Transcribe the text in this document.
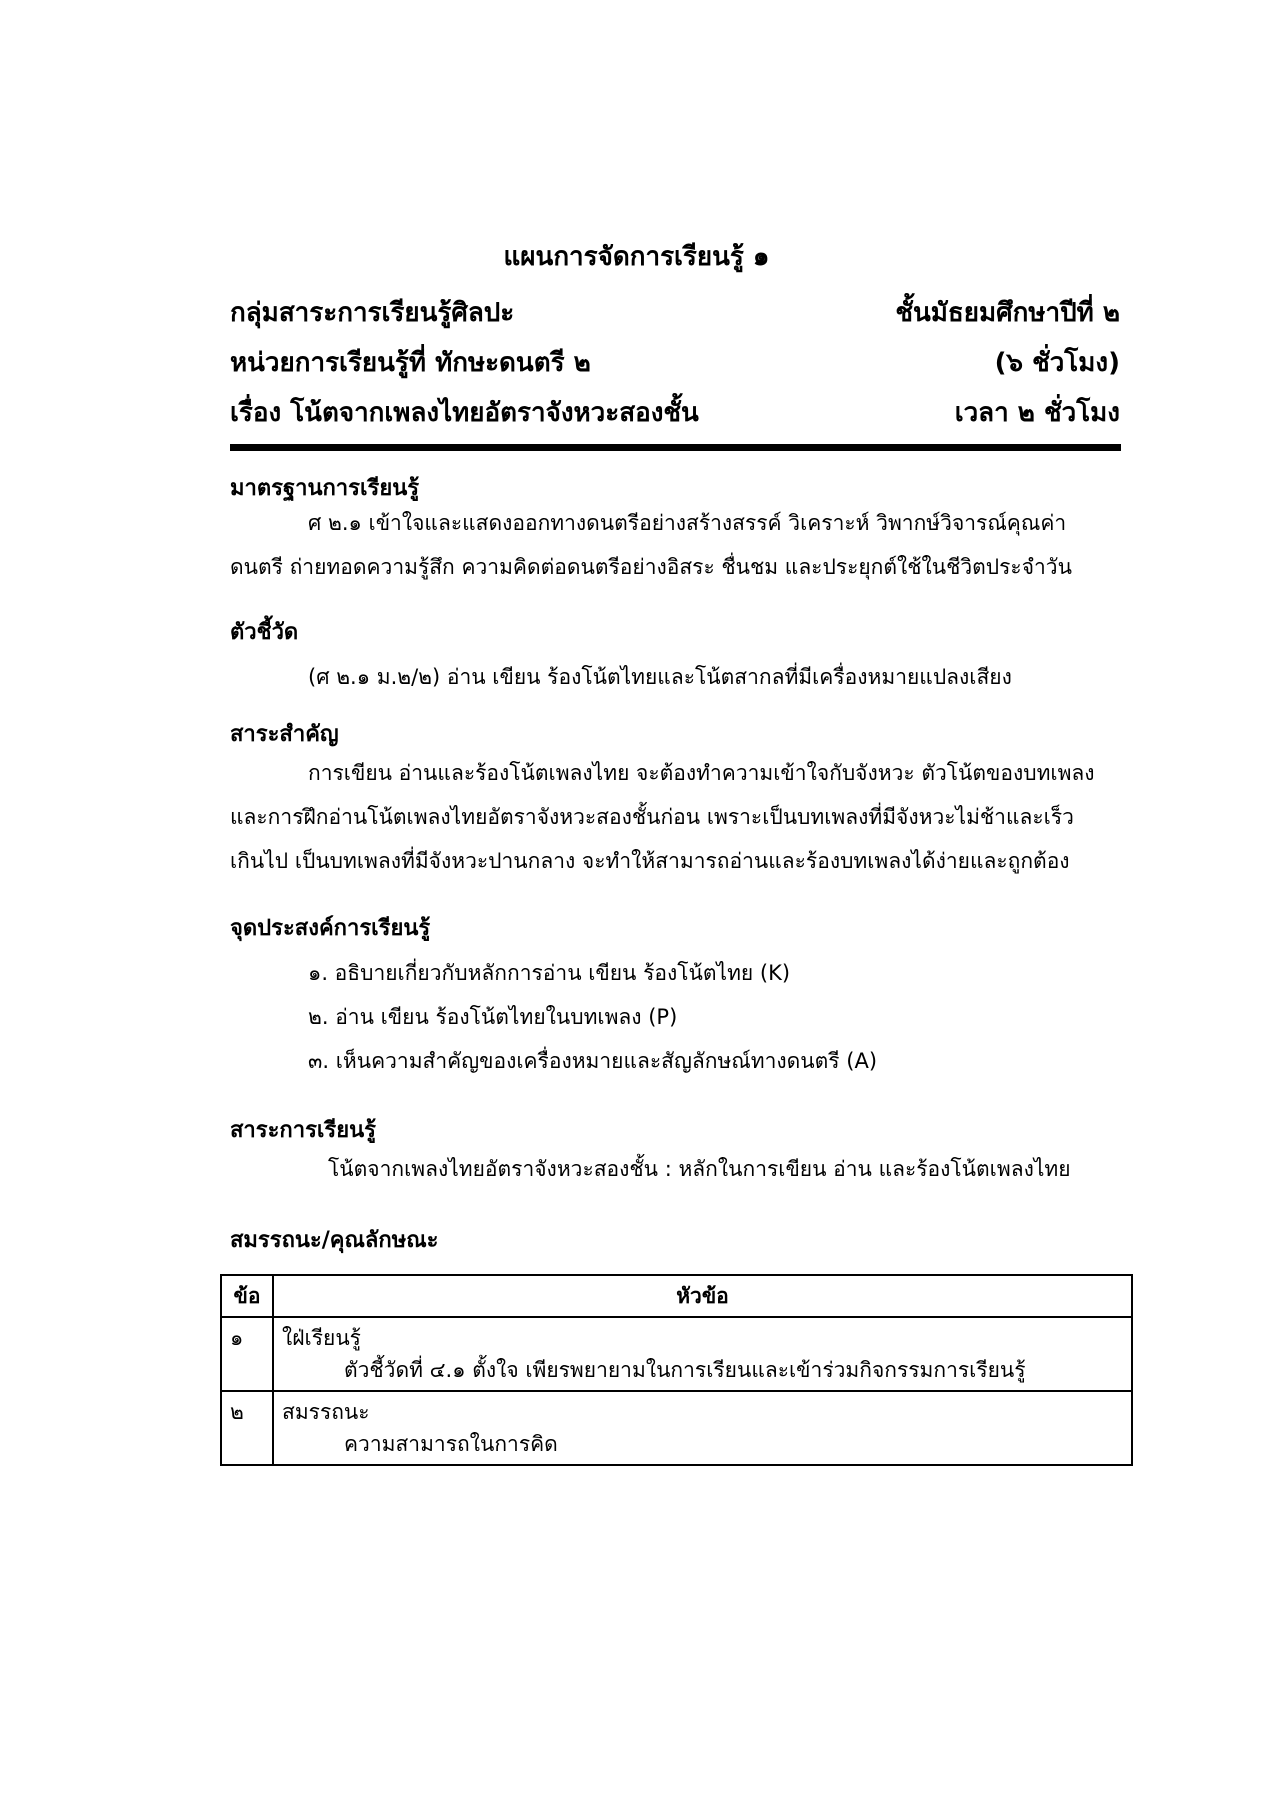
แผนการจัดการเรียนรู้ ๑
กลุ่มสาระการเรียนรู้ศิลปะ	ชั้นมัธยมศึกษาปีที่ ๒
หน่วยการเรียนรู้ที่ ทักษะดนตรี ๒	(๖ ชั่วโมง)
เรื่อง โน้ตจากเพลงไทยอัตราจังหวะสองชั้น	เวลา ๒ ชั่วโมง
มาตรฐานการเรียนรู้
ศ ๒.๑ เข้าใจและแสดงออกทางดนตรีอย่างสร้างสรรค์ วิเคราะห์ วิพากษ์วิจารณ์คุณค่า
ดนตรี ถ่ายทอดความรู้สึก ความคิดต่อดนตรีอย่างอิสระ ชื่นชม และประยุกต์ใช้ในชีวิตประจำวัน
ตัวชี้วัด
(ศ ๒.๑ ม.๒/๒) อ่าน เขียน ร้องโน้ตไทยและโน้ตสากลที่มีเครื่องหมายแปลงเสียง
สาระสำคัญ
การเขียน อ่านและร้องโน้ตเพลงไทย จะต้องทำความเข้าใจกับจังหวะ ตัวโน้ตของบทเพลง
และการฝึกอ่านโน้ตเพลงไทยอัตราจังหวะสองชั้นก่อน เพราะเป็นบทเพลงที่มีจังหวะไม่ช้าและเร็ว
เกินไป เป็นบทเพลงที่มีจังหวะปานกลาง จะทำให้สามารถอ่านและร้องบทเพลงได้ง่ายและถูกต้อง
จุดประสงค์การเรียนรู้
๑. อธิบายเกี่ยวกับหลักการอ่าน เขียน ร้องโน้ตไทย (K)
๒. อ่าน เขียน ร้องโน้ตไทยในบทเพลง (P)
๓. เห็นความสำคัญของเครื่องหมายและสัญลักษณ์ทางดนตรี (A)
สาระการเรียนรู้
โน้ตจากเพลงไทยอัตราจังหวะสองชั้น : หลักในการเขียน อ่าน และร้องโน้ตเพลงไทย
สมรรถนะ/คุณลักษณะ
ข้อ	หัวข้อ
๑	ใฝ่เรียนรู้
ตัวชี้วัดที่ ๔.๑ ตั้งใจ เพียรพยายามในการเรียนและเข้าร่วมกิจกรรมการเรียนรู้

๒	สมรรถนะ
ความสามารถในการคิด
